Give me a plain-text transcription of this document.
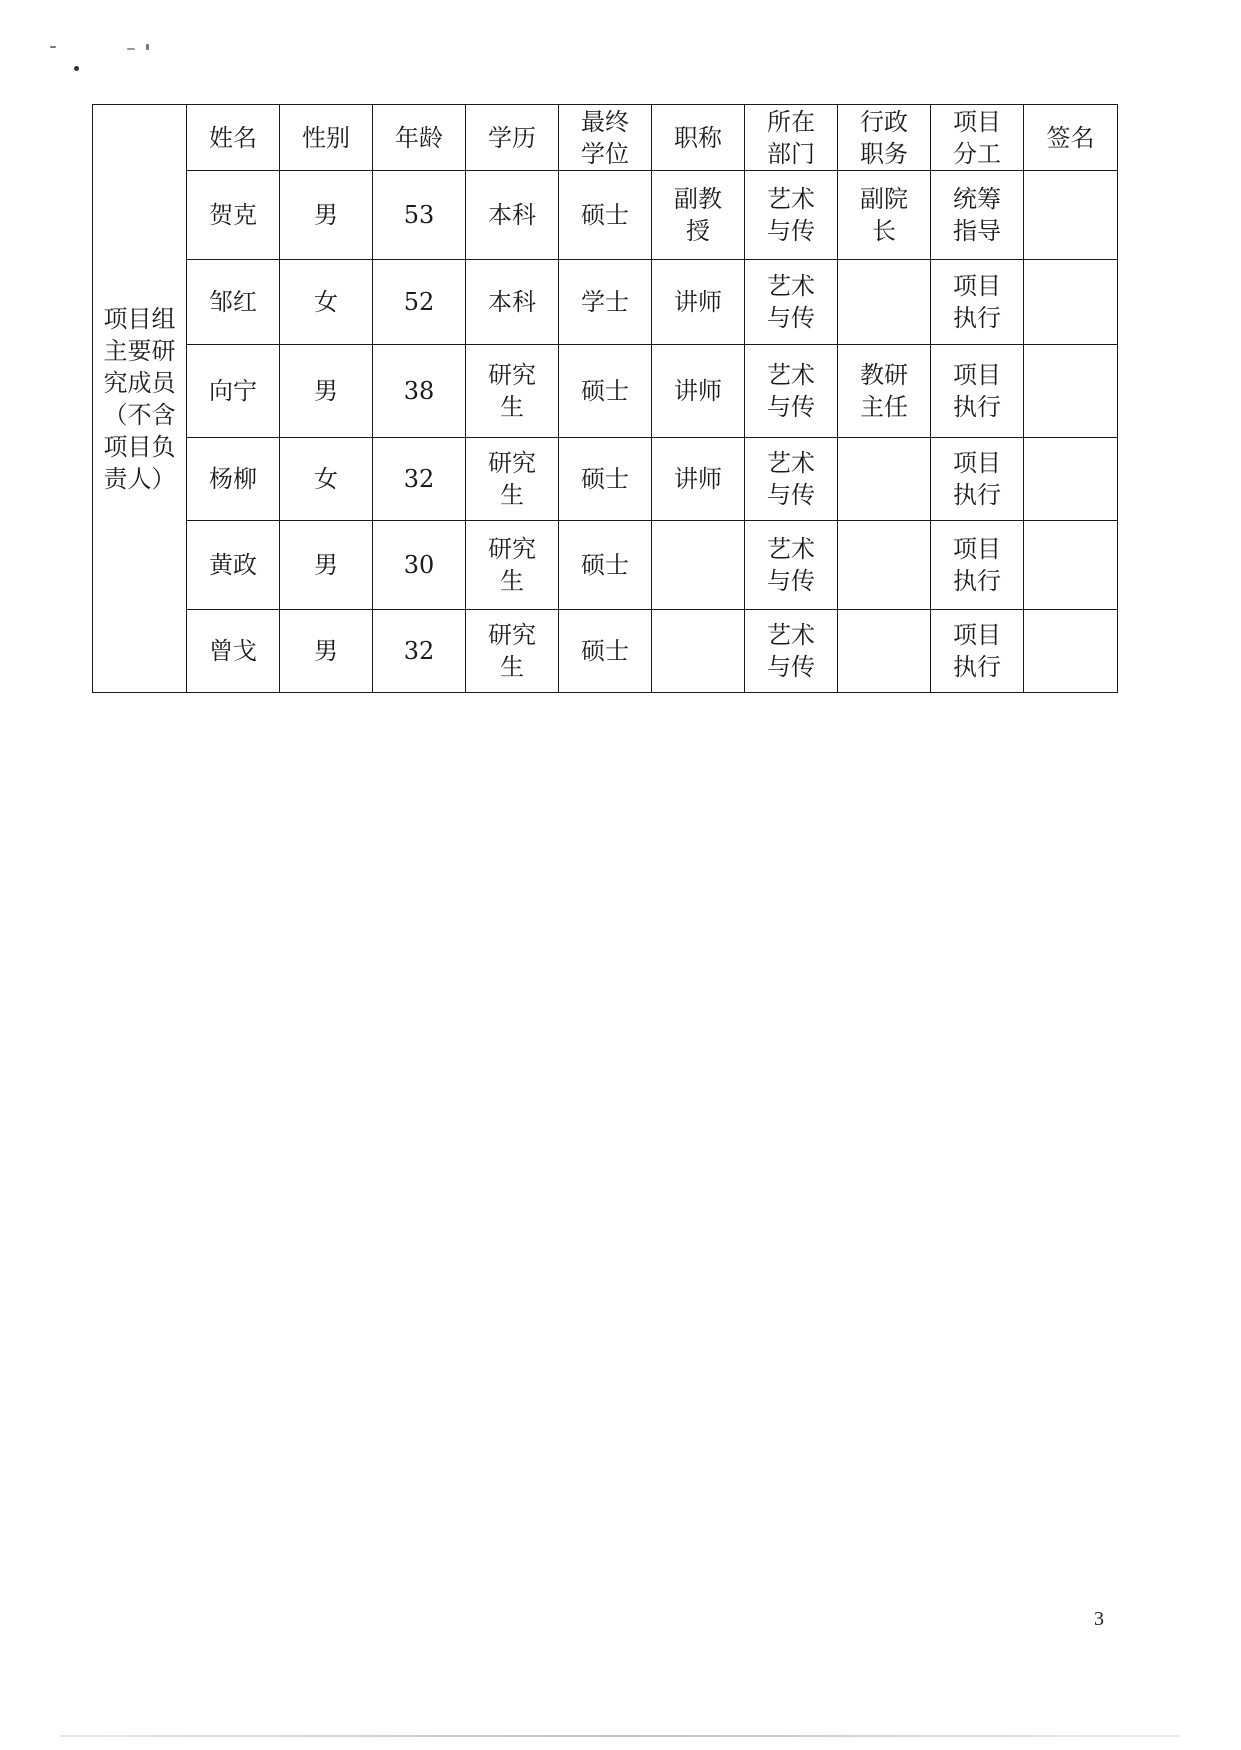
项目组主要研究成员（不含项目负责人）	姓名	性别	年龄	学历	最终学位	职称	所在部门	行政职务	项目分工	签名

	贺克	男	53	本科	硕士	副教授	艺术与传	副院长	统筹指导	

	邹红	女	52	本科	学士	讲师	艺术与传		项目执行	

	向宁	男	38	研究生	硕士	讲师	艺术与传	教研主任	项目执行	

	杨柳	女	32	研究生	硕士	讲师	艺术与传		项目执行	

	黄政	男	30	研究生	硕士		艺术与传		项目执行	

	曾戈	男	32	研究生	硕士		艺术与传		项目执行	

3
